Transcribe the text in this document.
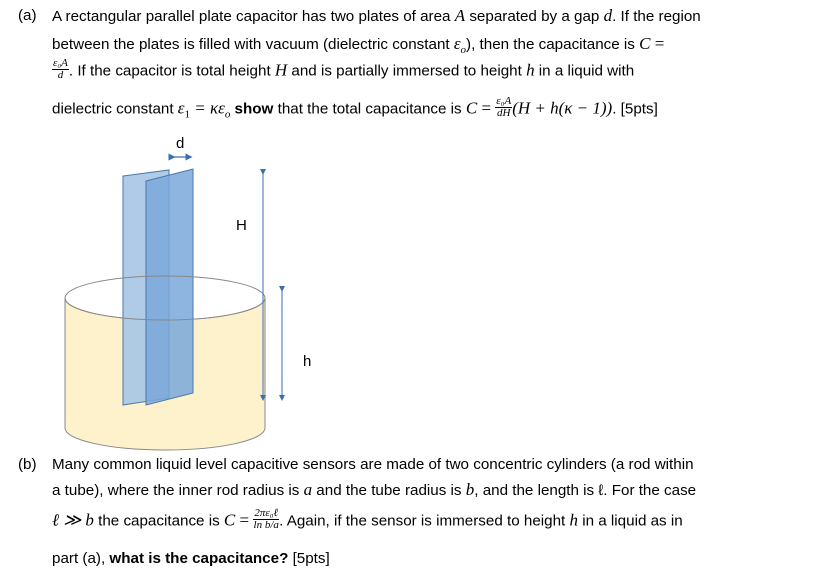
(a) A rectangular parallel plate capacitor has two plates of area A separated by a gap d. If the region
between the plates is filled with vacuum (dielectric constant $\varepsilon_o$), then the capacitance is C =
$\frac{\text{ε₀A}}{d}$ . If the capacitor is total height H and is partially immersed to height h in a liquid with
dielectric constant $\varepsilon_1 = \kappa\varepsilon_o$ show that the total capacitance is $C = \frac{\text{ε₀A}}{dH} (H + h(\kappa - 1))$. [5pts]
d
H
h
(b) Many common liquid level capacitive sensors are made of two concentric cylinders (a rod within
a tube), where the inner rod radius is a and the tube radius is b, and the length is ℓ. For the case
ℓ ≫ b the capacitance is $C = \frac{\text{2πε₀ℓ}}{\text{ln b/a}}$ . Again, if the sensor is immersed to height h in a liquid as in
part (a), what is the capacitance? [5pts]
